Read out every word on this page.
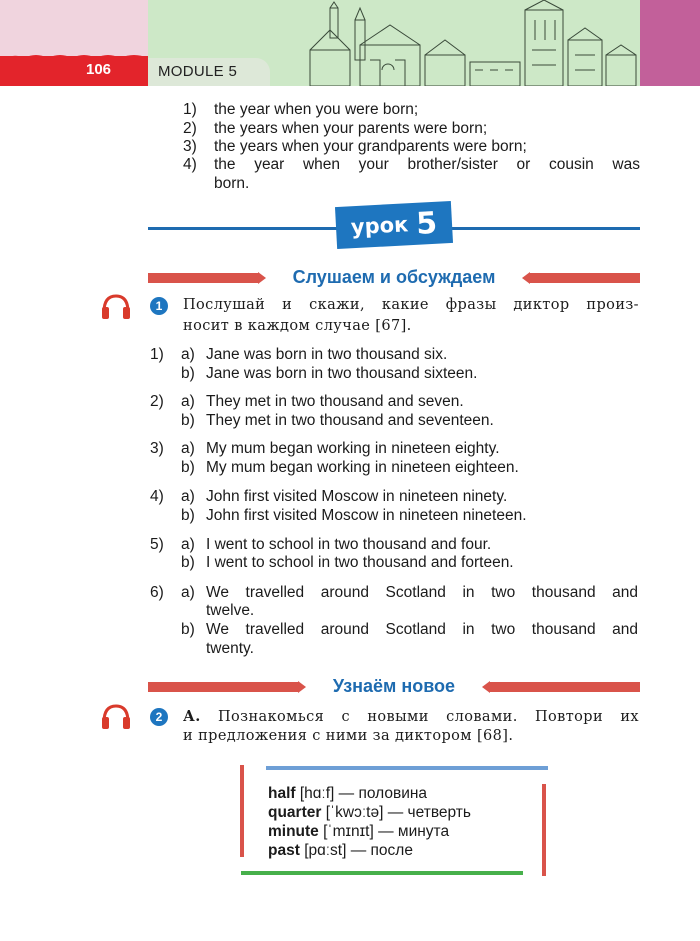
106	MODULE 5
1) the year when you were born;
2) the years when your parents were born;
3) the years when your grandparents were born;
4) the year when your brother/sister or cousin was
born.
урок 5
Слушаем и обсуждаем
1	Послушай и скажи, какие фразы диктор произ-
носит в каждом случае [67].
1) a) Jane was born in two thousand six.
b) Jane was born in two thousand sixteen.
2) a) They met in two thousand and seven.
b) They met in two thousand and seventeen.
3) a) My mum began working in nineteen eighty.
b) My mum began working in nineteen eighteen.
4) a) John first visited Moscow in nineteen ninety.
b) John first visited Moscow in nineteen nineteen.
5) a) I went to school in two thousand and four.
b) I went to school in two thousand and forteen.
6) a) We travelled around Scotland in two thousand and
twelve.
b) We travelled around Scotland in two thousand and
twenty.
Узнаём новое
2	А. Познакомься с новыми словами. Повтори их
и предложения с ними за диктором [68].
half [hɑːf] — половина
quarter [ˈkwɔːtə] — четверть
minute [ˈmɪnɪt] — минута
past [pɑːst] — после
